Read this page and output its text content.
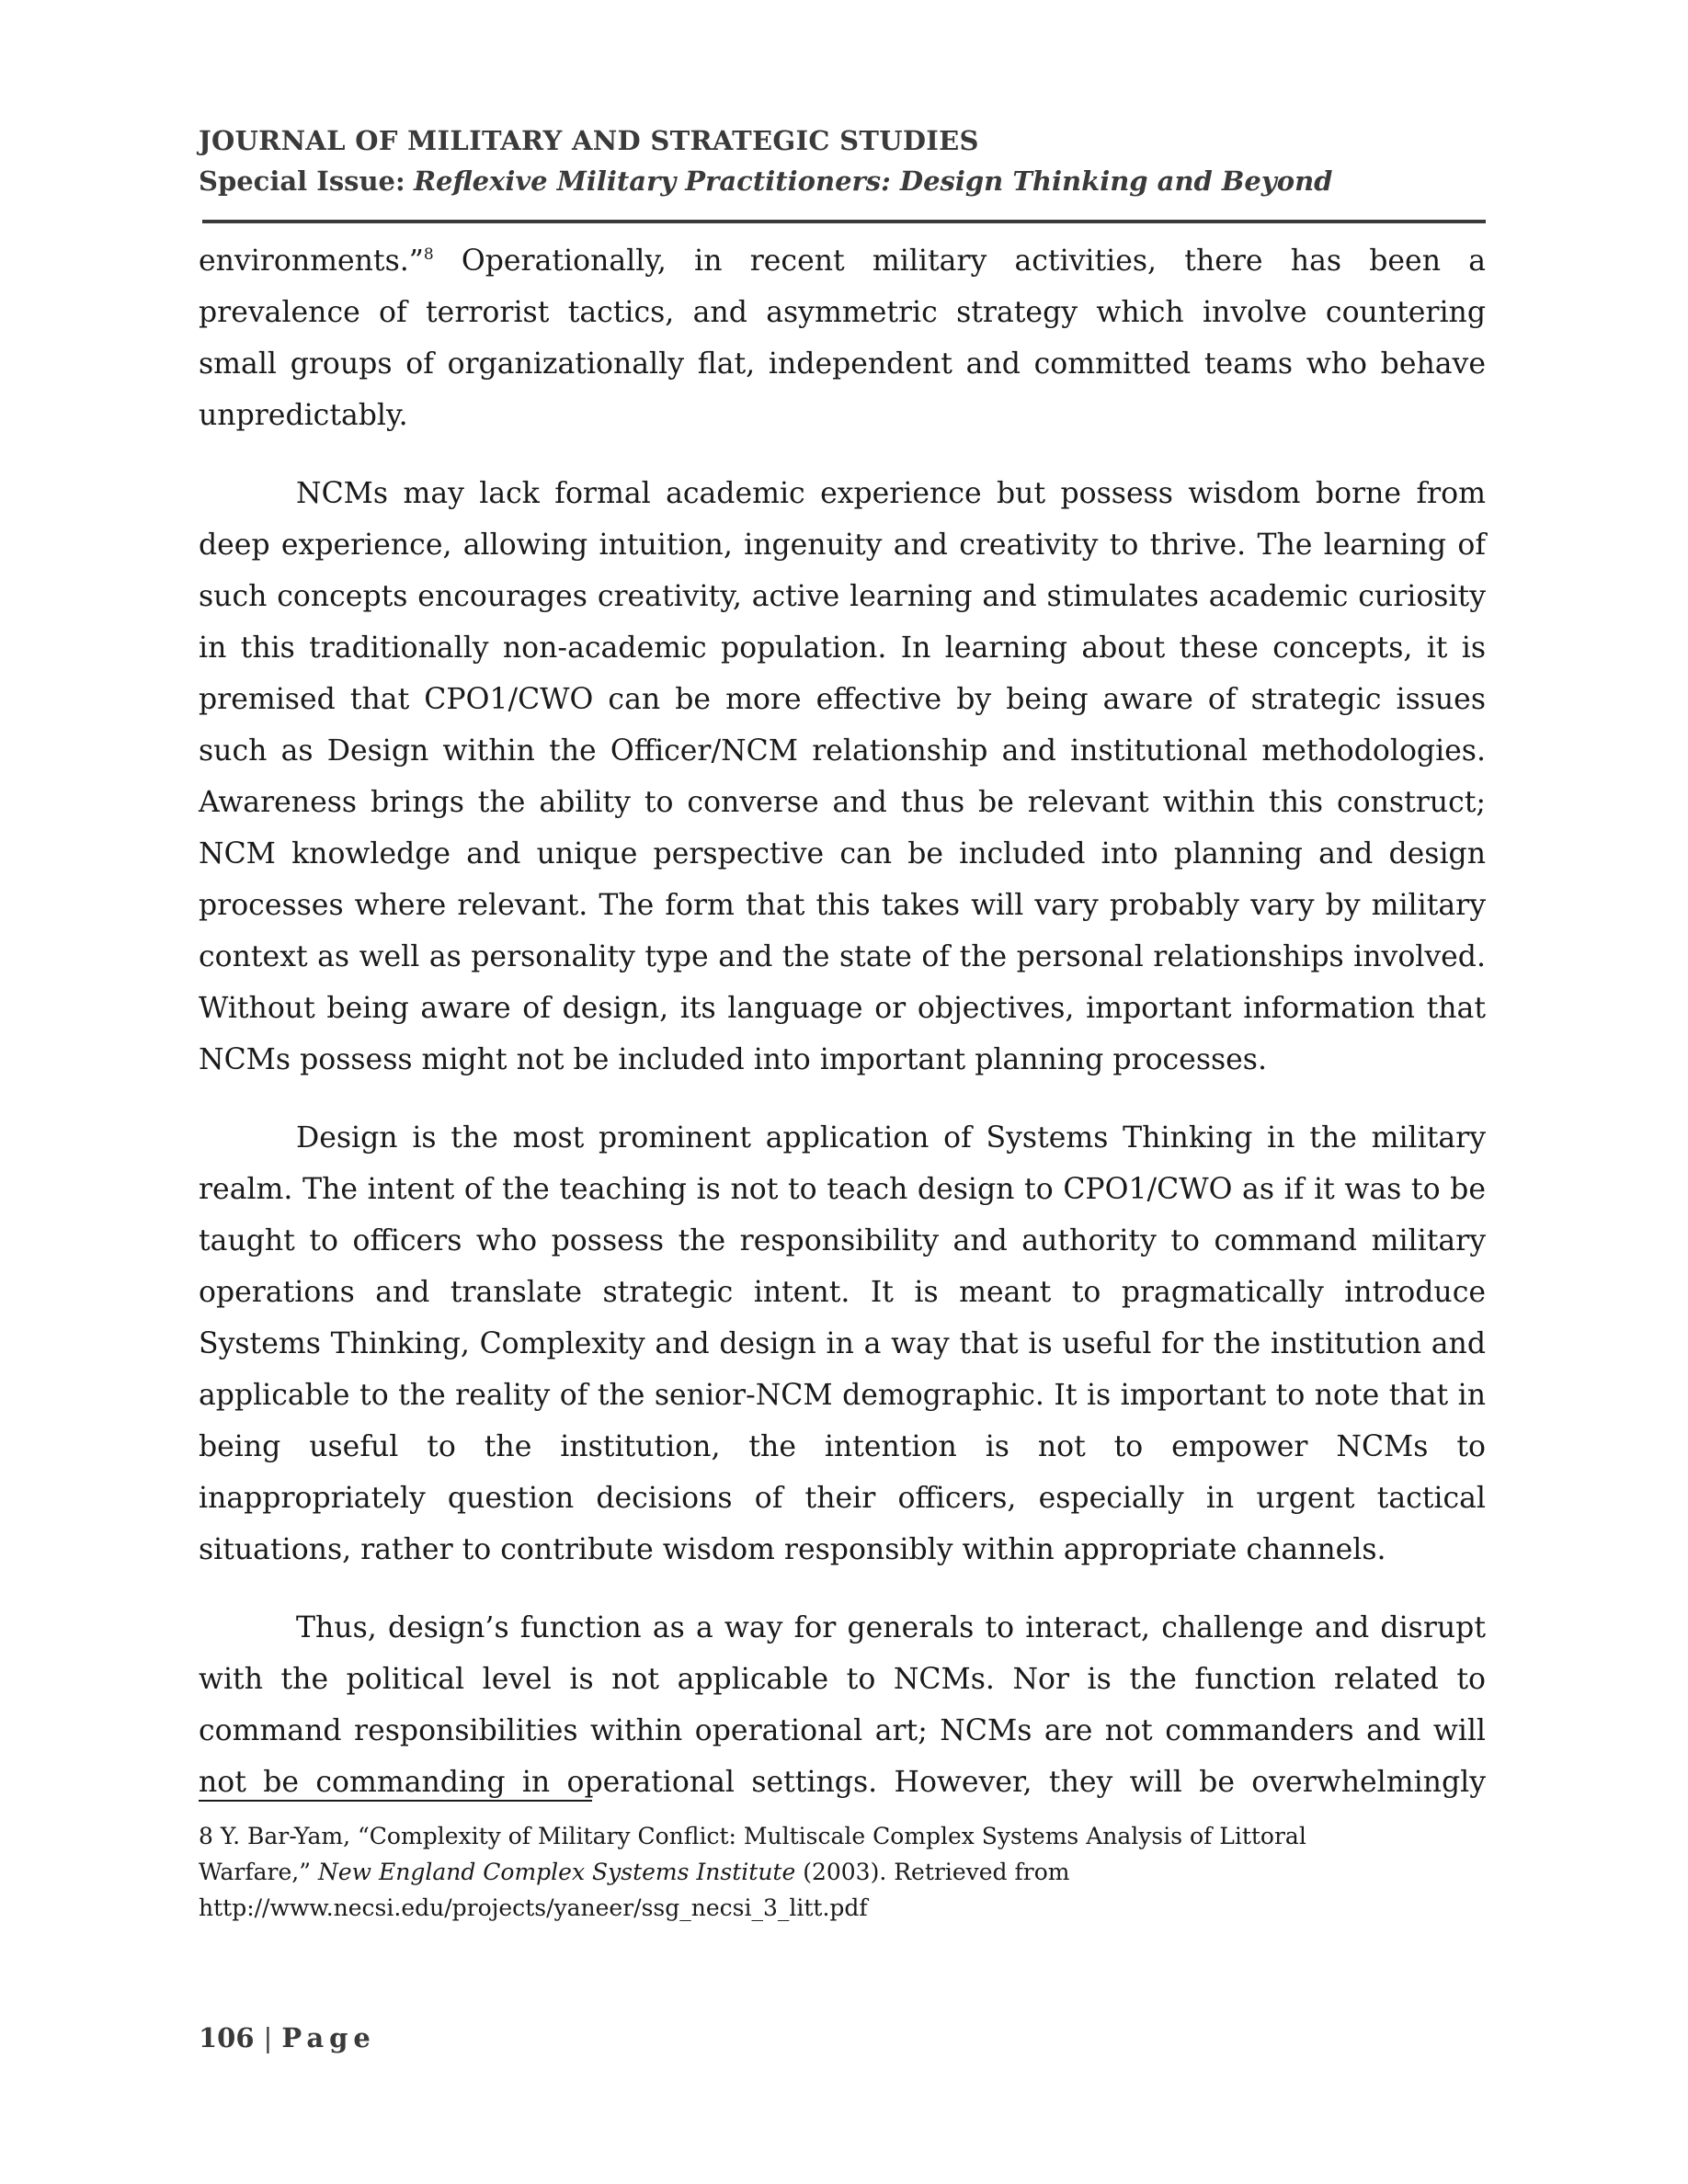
JOURNAL OF MILITARY AND STRATEGIC STUDIES
Special Issue: Reflexive Military Practitioners: Design Thinking and Beyond

environments.”$^8$ Operationally, in recent military activities, there has been a prevalence of terrorist tactics, and asymmetric strategy which involve countering small groups of organizationally flat, independent and committed teams who behave unpredictably.

NCMs may lack formal academic experience but possess wisdom borne from deep experience, allowing intuition, ingenuity and creativity to thrive. The learning of such concepts encourages creativity, active learning and stimulates academic curiosity in this traditionally non-academic population. In learning about these concepts, it is premised that CPO1/CWO can be more effective by being aware of strategic issues such as Design within the Officer/NCM relationship and institutional methodologies. Awareness brings the ability to converse and thus be relevant within this construct; NCM knowledge and unique perspective can be included into planning and design processes where relevant. The form that this takes will vary probably vary by military context as well as personality type and the state of the personal relationships involved. Without being aware of design, its language or objectives, important information that NCMs possess might not be included into important planning processes.

Design is the most prominent application of Systems Thinking in the military realm. The intent of the teaching is not to teach design to CPO1/CWO as if it was to be taught to officers who possess the responsibility and authority to command military operations and translate strategic intent. It is meant to pragmatically introduce Systems Thinking, Complexity and design in a way that is useful for the institution and applicable to the reality of the senior-NCM demographic. It is important to note that in being useful to the institution, the intention is not to empower NCMs to inappropriately question decisions of their officers, especially in urgent tactical situations, rather to contribute wisdom responsibly within appropriate channels.

Thus, design’s function as a way for generals to interact, challenge and disrupt with the political level is not applicable to NCMs. Nor is the function related to command responsibilities within operational art; NCMs are not commanders and will not be commanding in operational settings. However, they will be overwhelmingly

8 Y. Bar-Yam, “Complexity of Military Conflict: Multiscale Complex Systems Analysis of Littoral
Warfare,” New England Complex Systems Institute (2003). Retrieved from
http://www.necsi.edu/projects/yaneer/ssg_necsi_3_litt.pdf
106 | Page
